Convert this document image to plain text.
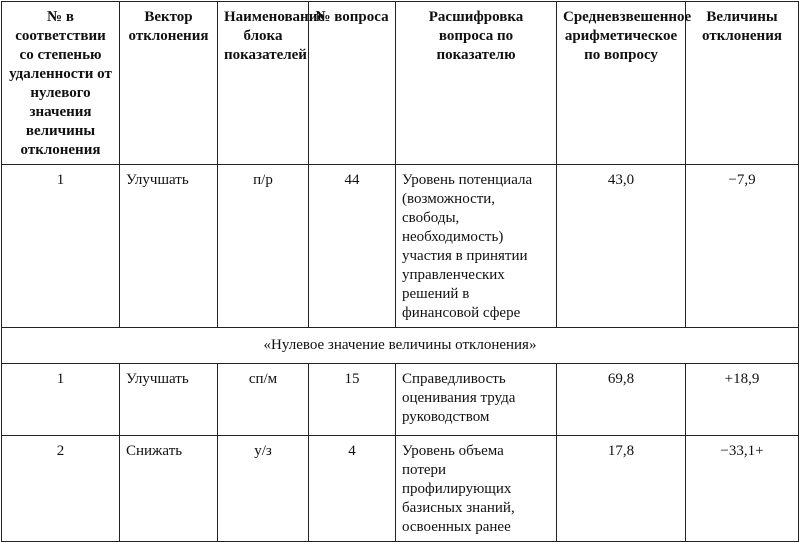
№ в соответствии со степенью удаленности от нулевого значения величины отклонения	Вектор отклонения	Наименование блока показателей	№ вопроса	Расшифровка вопроса по показателю	Средневзвешенное арифметическое по вопросу	Величины отклонения
1	Улучшать	п/р	44	Уровень потенциала (возможности, свободы, необходимость) участия в принятии управленческих решений в финансовой сфере	43,0	−7,9
«Нулевое значение величины отклонения»						
1	Улучшать	сп/м	15	Справедливость оценивания труда руководством	69,8	+18,9
2	Снижать	у/з	4	Уровень объема потери профилирующих базисных знаний, освоенных ранее	17,8	−33,1+
